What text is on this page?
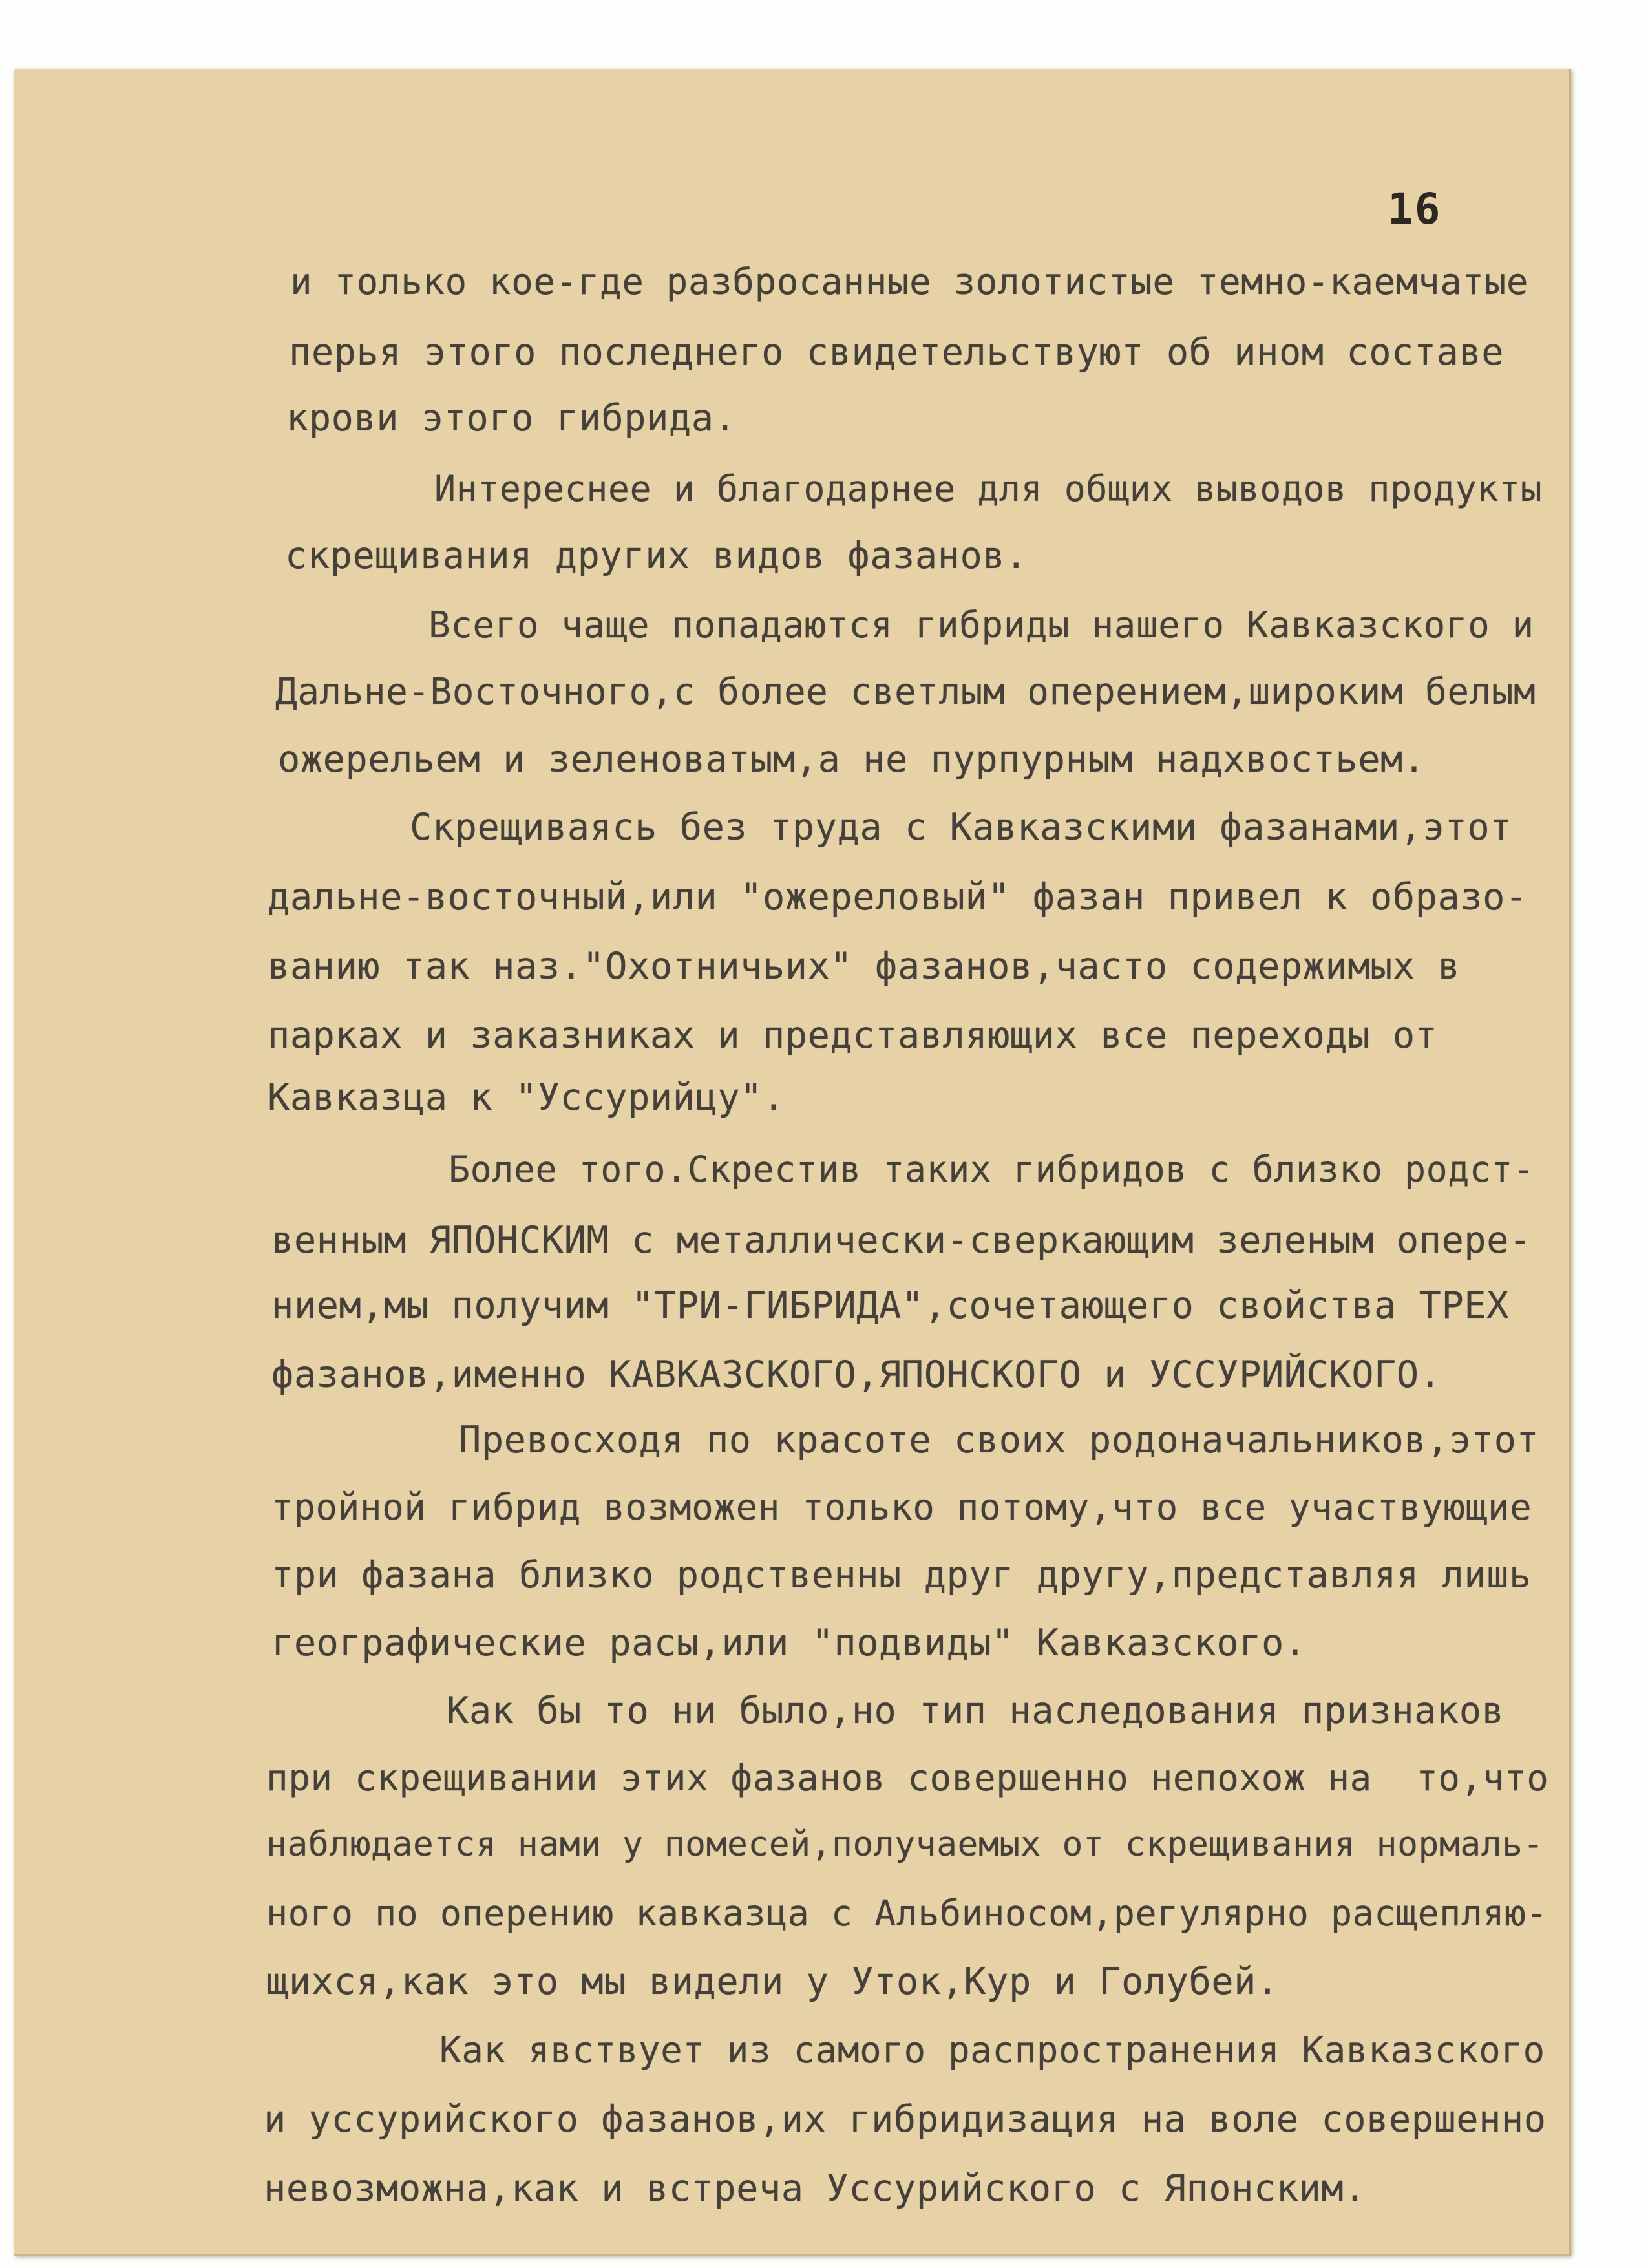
16
и только кое-где разбросанные золотистые темно-каемчатые
перья этого последнего свидетельствуют об ином составе
крови этого гибрида.
Интереснее и благодарнее для общих выводов продукты
скрещивания других видов фазанов.
Всего чаще попадаются гибриды нашего Кавказского и
Дальне-Восточного,с более светлым оперением,широким белым
ожерельем и зеленоватым,а не пурпурным надхвостьем.
Скрещиваясь без труда с Кавказскими фазанами,этот
дальне-восточный,или "ожереловый" фазан привел к образо-
ванию так наз."Охотничьих" фазанов,часто содержимых в
парках и заказниках и представляющих все переходы от
Кавказца к "Уссурийцу".
Более того.Скрестив таких гибридов с близко родст-
венным ЯПОНСКИМ с металлически-сверкающим зеленым опере-
нием,мы получим "ТРИ-ГИБРИДА",сочетающего свойства ТРЕХ
фазанов,именно КАВКАЗСКОГО,ЯПОНСКОГО и УССУРИЙСКОГО.
Превосходя по красоте своих родоначальников,этот
тройной гибрид возможен только потому,что все участвующие
три фазана близко родственны друг другу,представляя лишь
географические расы,или "подвиды" Кавказского.
Как бы то ни было,но тип наследования признаков
при скрещивании этих фазанов совершенно непохож на  то,что
наблюдается нами у помесей,получаемых от скрещивания нормаль-
ного по оперению кавказца с Альбиносом,регулярно расщепляю-
щихся,как это мы видели у Уток,Кур и Голубей.
Как явствует из самого распространения Кавказского
и уссурийского фазанов,их гибридизация на воле совершенно
невозможна,как и встреча Уссурийского с Японским.
